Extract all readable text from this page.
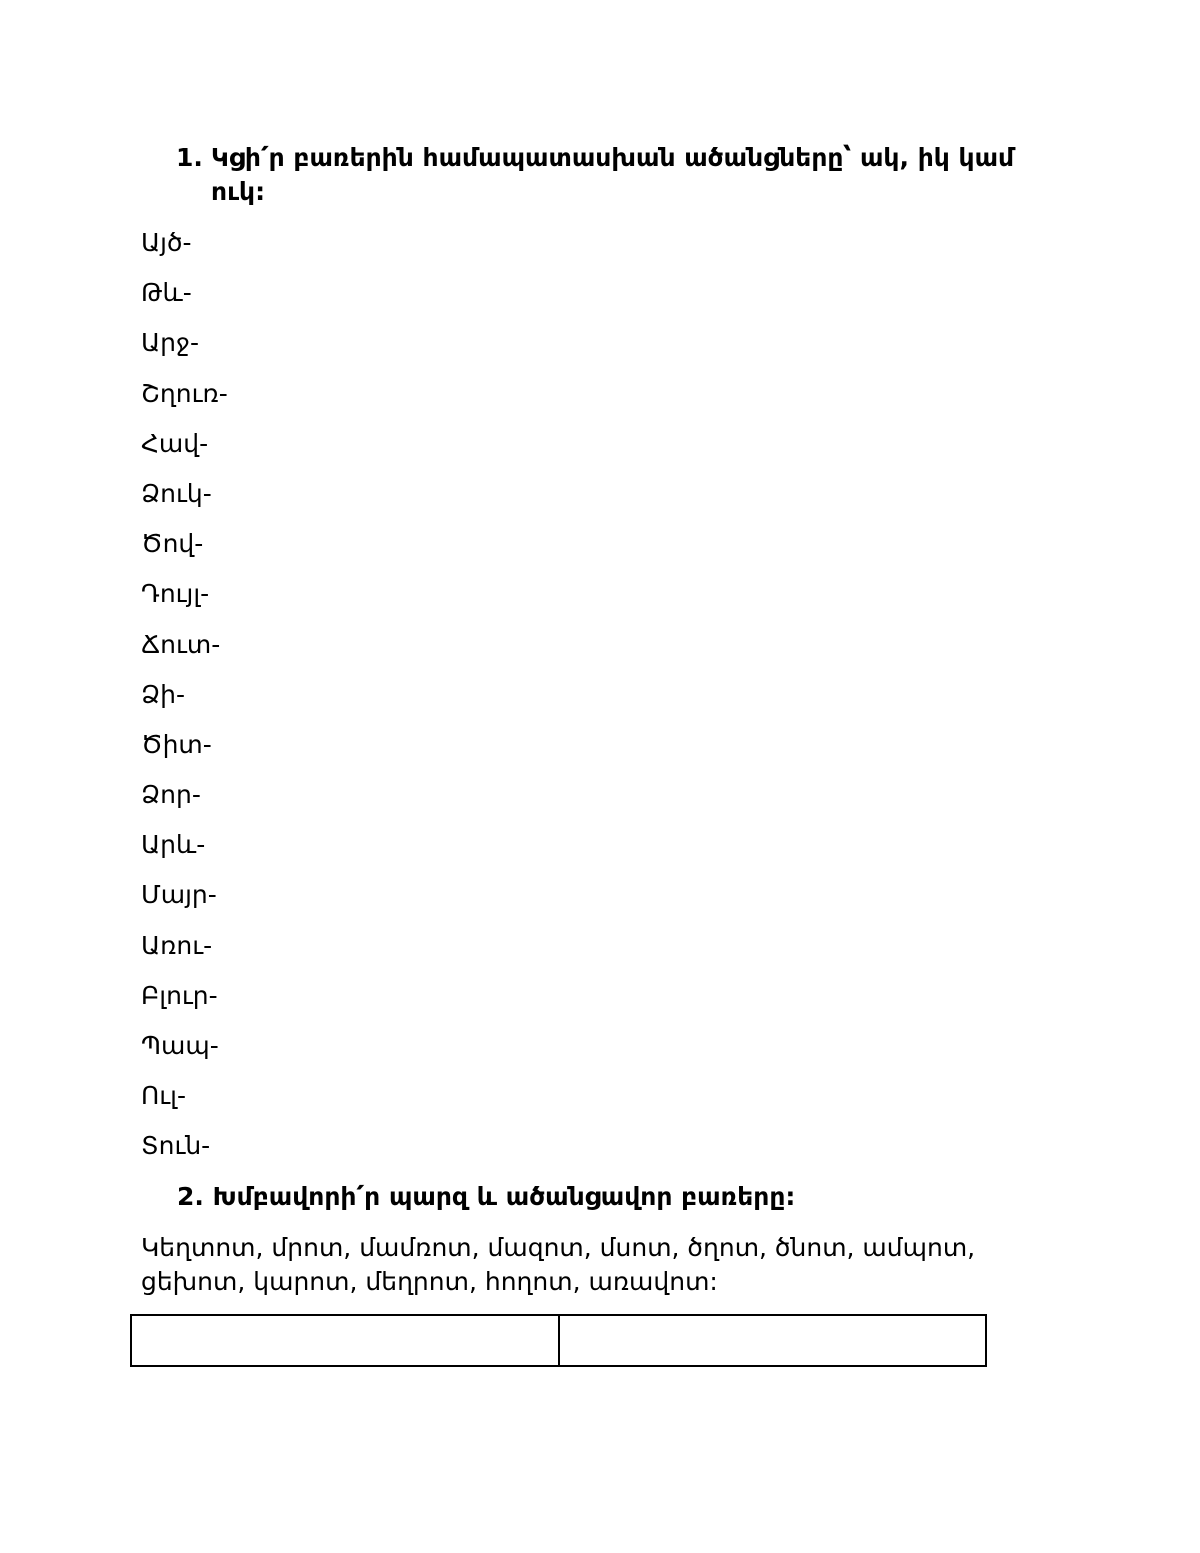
1. Կցի՛ր բառերին համապատասխան ածանցները՝ ակ, իկ կամ ուկ:
Այծ-
Թև-
Արջ-
Շղուռ-
Հավ-
Ձուկ-
Ծով-
Դույլ-
Ճուտ-
Ձի-
Ծիտ-
Ձոր-
Արև-
Մայր-
Առու-
Բլուր-
Պապ-
Ուլ-
Տուն-
2. Խմբավորի՛ր պարզ և ածանցավոր բառերը:
Կեղտոտ, մրոտ, մամռոտ, մազոտ, մսոտ, ծղոտ, ծնոտ, ամպոտ, ցեխոտ, կարոտ, մեղրոտ, հողոտ, առավոտ:
